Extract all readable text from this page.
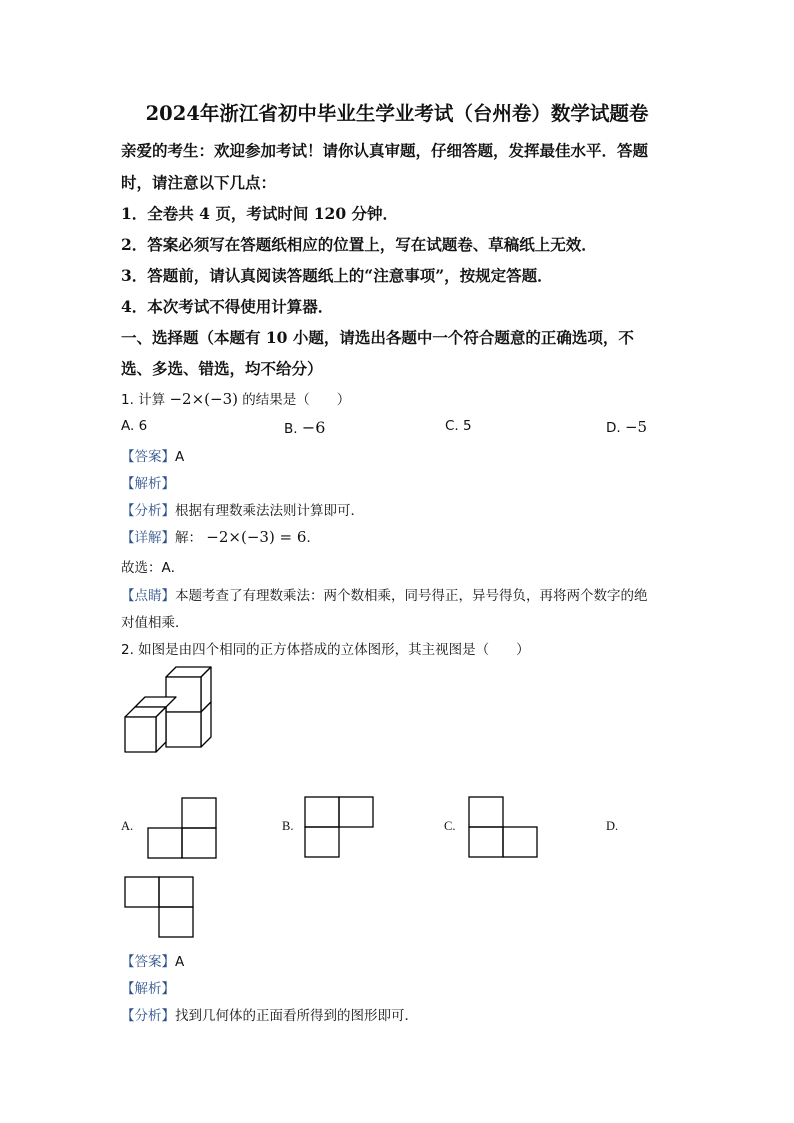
2024年浙江省初中毕业生学业考试（台州卷）数学试题卷
亲爱的考生：欢迎参加考试！请你认真审题，仔细答题，发挥最佳水平．答题
时，请注意以下几点：
1．全卷共 4 页，考试时间 120 分钟．
2．答案必须写在答题纸相应的位置上，写在试题卷、草稿纸上无效．
3．答题前，请认真阅读答题纸上的“注意事项”，按规定答题．
4．本次考试不得使用计算器．
一、选择题（本题有 10 小题，请选出各题中一个符合题意的正确选项，不
选、多选、错选，均不给分）
1. 计算 −2×(−3) 的结果是（　　）
A. 6	B. −6	C. 5	D. −5
【答案】A
【解析】
【分析】根据有理数乘法法则计算即可．
【详解】解： −2×(−3) = 6．
故选：A．
【点睛】本题考查了有理数乘法：两个数相乘，同号得正，异号得负，再将两个数字的绝
对值相乘．
2. 如图是由四个相同的正方体搭成的立体图形，其主视图是（　　）
A.	B.	C.	D.
【答案】A
【解析】
【分析】找到几何体的正面看所得到的图形即可．
